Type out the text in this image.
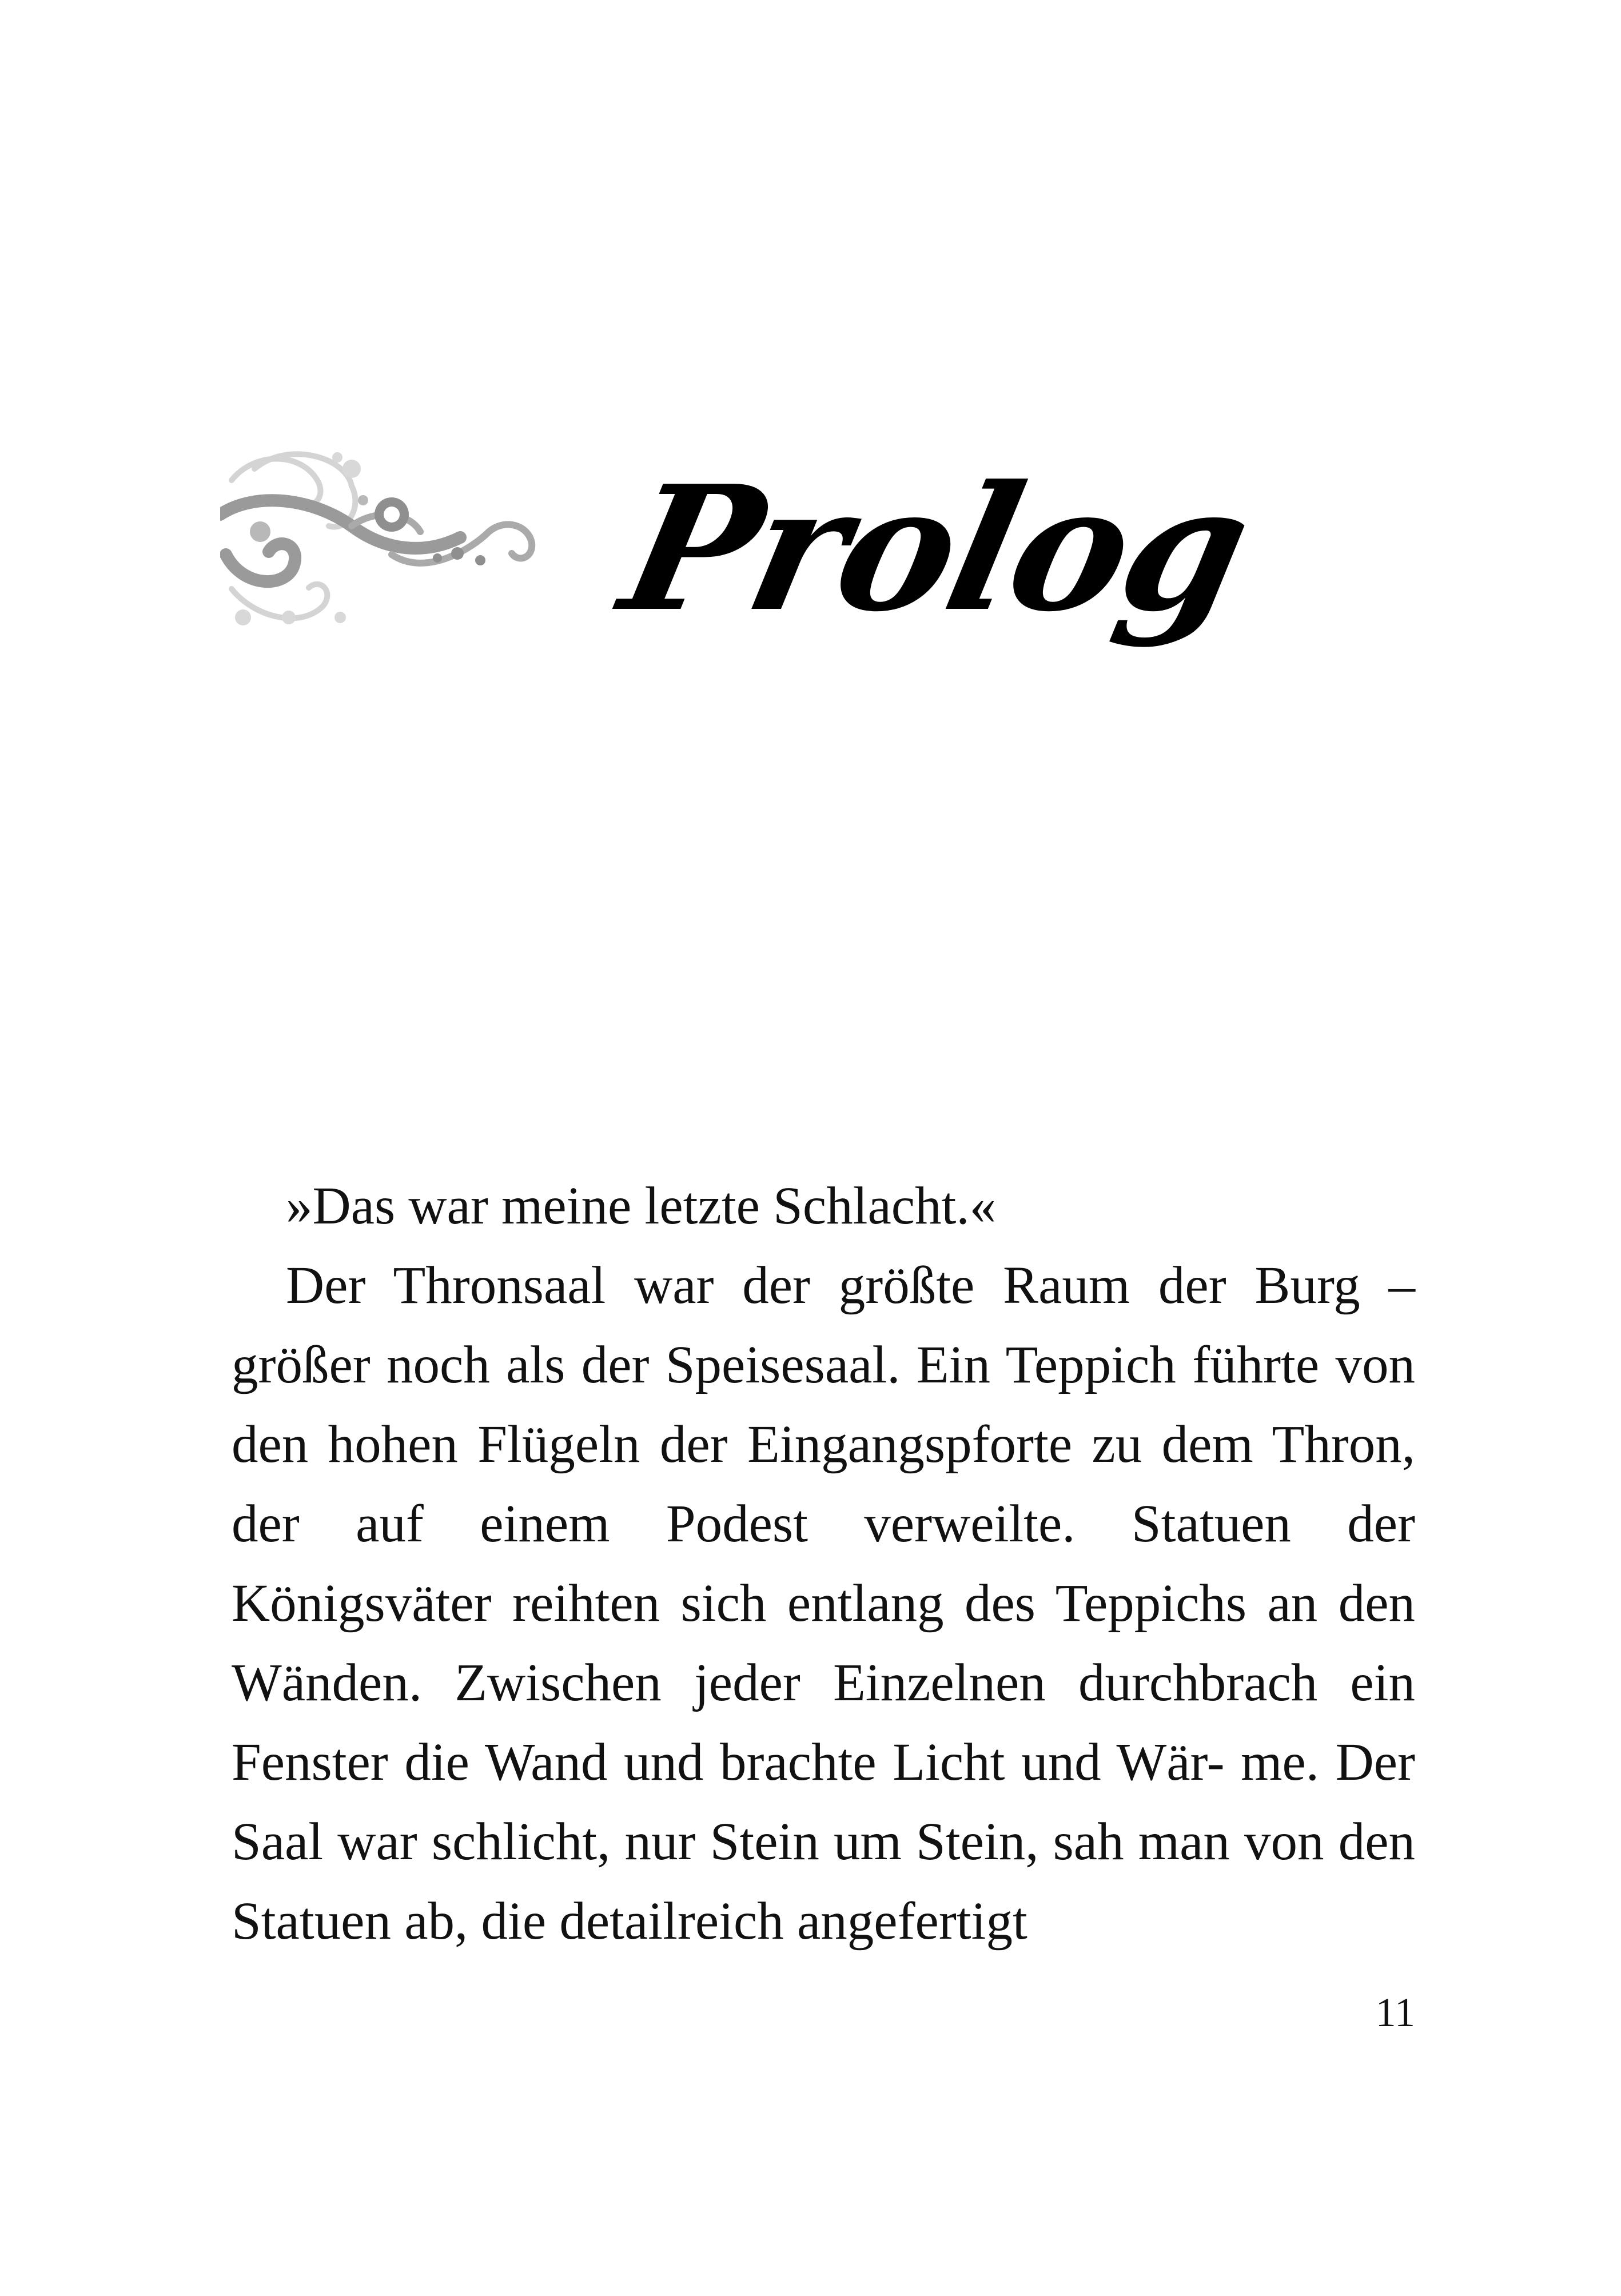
Prolog

»Das war meine letzte Schlacht.«

Der Thronsaal war der größte Raum der Burg – größer noch als der Speisesaal. Ein Teppich führte von den hohen Flügeln der Eingangspforte zu dem Thron, der auf einem Podest verweilte. Statuen der Königsväter reihten sich entlang des Teppichs an den Wänden. Zwischen jeder Einzelnen durchbrach ein Fenster die Wand und brachte Licht und Wär- me. Der Saal war schlicht, nur Stein um Stein, sah man von den Statuen ab, die detailreich angefertigt

11
